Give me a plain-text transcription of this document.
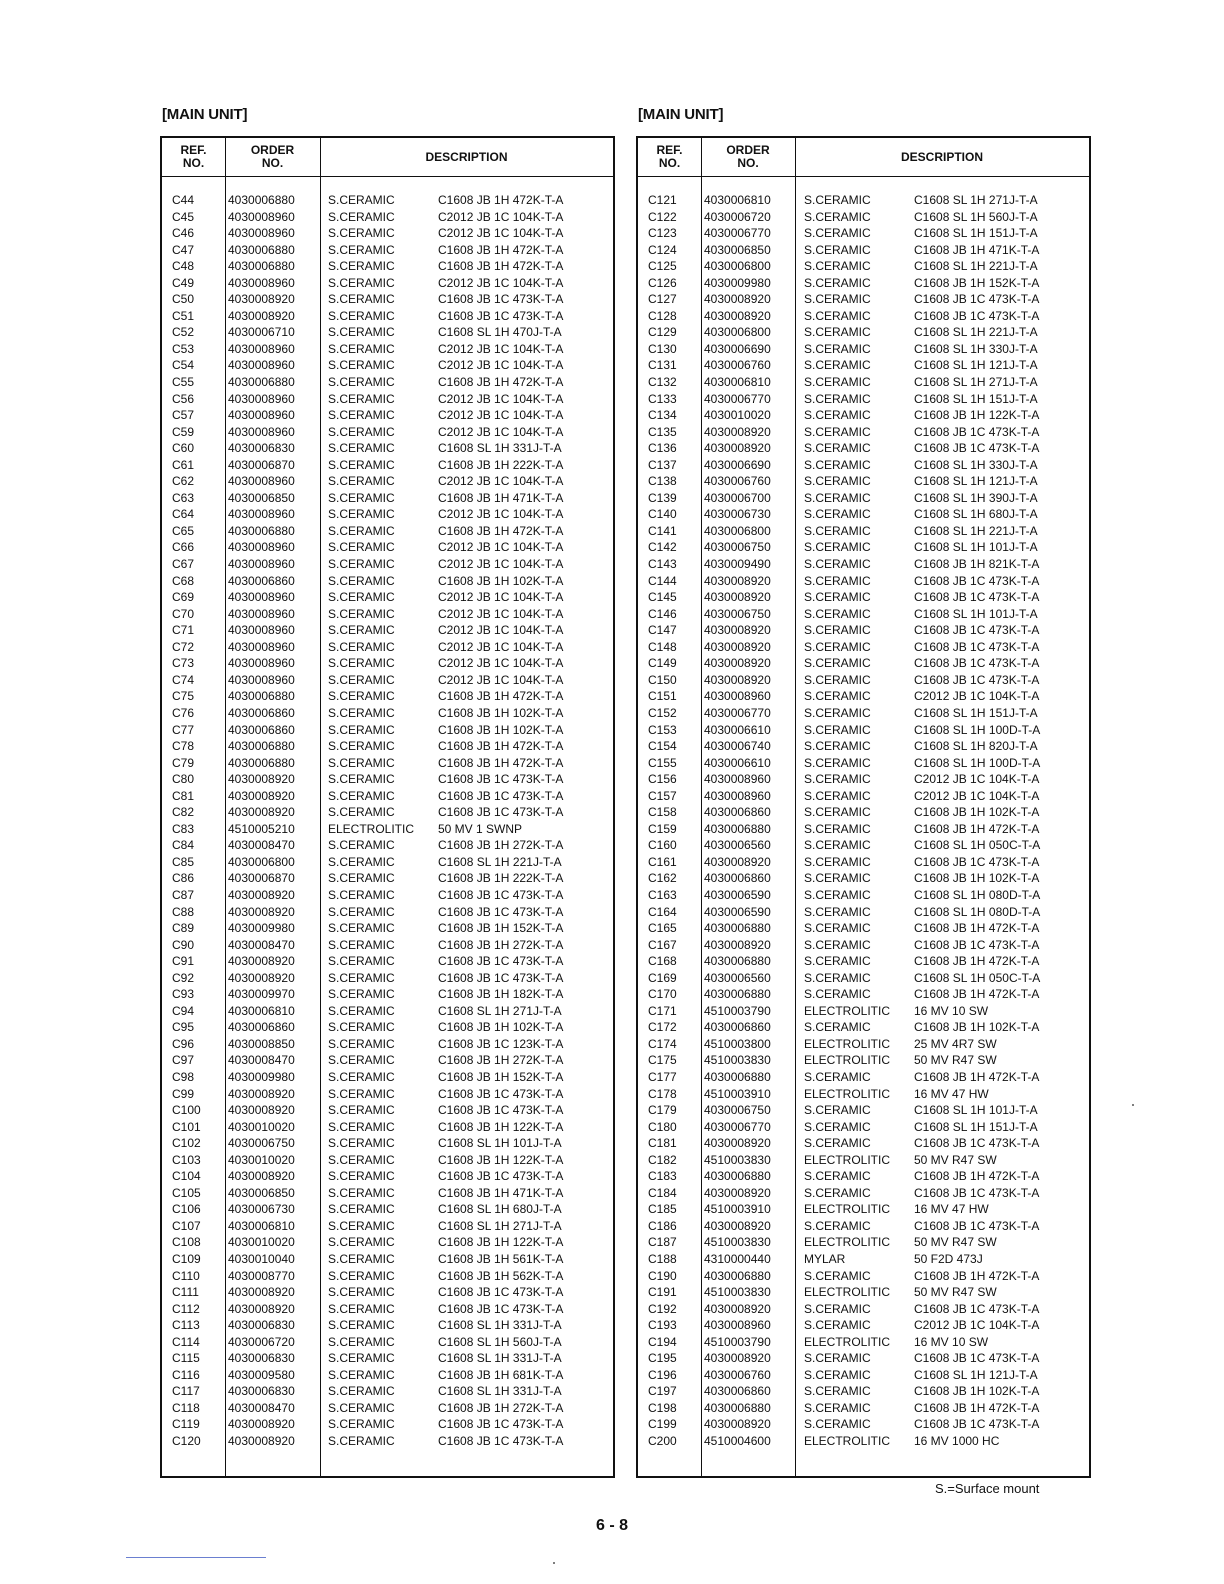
[MAIN UNIT]	[MAIN UNIT]
REF.
NO.
ORDER
NO.	DESCRIPTION
C44	4030006880	S.CERAMIC	C1608 JB 1H 472K-T-A
C45	4030008960	S.CERAMIC	C2012 JB 1C 104K-T-A
C46	4030008960	S.CERAMIC	C2012 JB 1C 104K-T-A
C47	4030006880	S.CERAMIC	C1608 JB 1H 472K-T-A
C48	4030006880	S.CERAMIC	C1608 JB 1H 472K-T-A
C49	4030008960	S.CERAMIC	C2012 JB 1C 104K-T-A
C50	4030008920	S.CERAMIC	C1608 JB 1C 473K-T-A
C51	4030008920	S.CERAMIC	C1608 JB 1C 473K-T-A
C52	4030006710	S.CERAMIC	C1608 SL 1H 470J-T-A
C53	4030008960	S.CERAMIC	C2012 JB 1C 104K-T-A
C54	4030008960	S.CERAMIC	C2012 JB 1C 104K-T-A
C55	4030006880	S.CERAMIC	C1608 JB 1H 472K-T-A
C56	4030008960	S.CERAMIC	C2012 JB 1C 104K-T-A
C57	4030008960	S.CERAMIC	C2012 JB 1C 104K-T-A
C59	4030008960	S.CERAMIC	C2012 JB 1C 104K-T-A
C60	4030006830	S.CERAMIC	C1608 SL 1H 331J-T-A
C61	4030006870	S.CERAMIC	C1608 JB 1H 222K-T-A
C62	4030008960	S.CERAMIC	C2012 JB 1C 104K-T-A
C63	4030006850	S.CERAMIC	C1608 JB 1H 471K-T-A
C64	4030008960	S.CERAMIC	C2012 JB 1C 104K-T-A
C65	4030006880	S.CERAMIC	C1608 JB 1H 472K-T-A
C66	4030008960	S.CERAMIC	C2012 JB 1C 104K-T-A
C67	4030008960	S.CERAMIC	C2012 JB 1C 104K-T-A
C68	4030006860	S.CERAMIC	C1608 JB 1H 102K-T-A
C69	4030008960	S.CERAMIC	C2012 JB 1C 104K-T-A
C70	4030008960	S.CERAMIC	C2012 JB 1C 104K-T-A
C71	4030008960	S.CERAMIC	C2012 JB 1C 104K-T-A
C72	4030008960	S.CERAMIC	C2012 JB 1C 104K-T-A
C73	4030008960	S.CERAMIC	C2012 JB 1C 104K-T-A
C74	4030008960	S.CERAMIC	C2012 JB 1C 104K-T-A
C75	4030006880	S.CERAMIC	C1608 JB 1H 472K-T-A
C76	4030006860	S.CERAMIC	C1608 JB 1H 102K-T-A
C77	4030006860	S.CERAMIC	C1608 JB 1H 102K-T-A
C78	4030006880	S.CERAMIC	C1608 JB 1H 472K-T-A
C79	4030006880	S.CERAMIC	C1608 JB 1H 472K-T-A
C80	4030008920	S.CERAMIC	C1608 JB 1C 473K-T-A
C81	4030008920	S.CERAMIC	C1608 JB 1C 473K-T-A
C82	4030008920	S.CERAMIC	C1608 JB 1C 473K-T-A
C83	4510005210	ELECTROLITIC 50 MV 1 SWNP
C84	4030008470	S.CERAMIC	C1608 JB 1H 272K-T-A
C85	4030006800	S.CERAMIC	C1608 SL 1H 221J-T-A
C86	4030006870	S.CERAMIC	C1608 JB 1H 222K-T-A
C87	4030008920	S.CERAMIC	C1608 JB 1C 473K-T-A
C88	4030008920	S.CERAMIC	C1608 JB 1C 473K-T-A
C89	4030009980	S.CERAMIC	C1608 JB 1H 152K-T-A
C90	4030008470	S.CERAMIC	C1608 JB 1H 272K-T-A
C91	4030008920	S.CERAMIC	C1608 JB 1C 473K-T-A
C92	4030008920	S.CERAMIC	C1608 JB 1C 473K-T-A
C93	4030009970	S.CERAMIC	C1608 JB 1H 182K-T-A
C94	4030006810	S.CERAMIC	C1608 SL 1H 271J-T-A
C95	4030006860	S.CERAMIC	C1608 JB 1H 102K-T-A
C96	4030008850	S.CERAMIC	C1608 JB 1C 123K-T-A
C97	4030008470	S.CERAMIC	C1608 JB 1H 272K-T-A
C98	4030009980	S.CERAMIC	C1608 JB 1H 152K-T-A
C99	4030008920	S.CERAMIC	C1608 JB 1C 473K-T-A
C100 4030008920	S.CERAMIC	C1608 JB 1C 473K-T-A
C101 4030010020	S.CERAMIC	C1608 JB 1H 122K-T-A
C102 4030006750	S.CERAMIC	C1608 SL 1H 101J-T-A
C103 4030010020	S.CERAMIC	C1608 JB 1H 122K-T-A
C104 4030008920	S.CERAMIC	C1608 JB 1C 473K-T-A
C105 4030006850	S.CERAMIC	C1608 JB 1H 471K-T-A
C106 4030006730	S.CERAMIC	C1608 SL 1H 680J-T-A
C107 4030006810	S.CERAMIC	C1608 SL 1H 271J-T-A
C108 4030010020	S.CERAMIC	C1608 JB 1H 122K-T-A
C109 4030010040	S.CERAMIC	C1608 JB 1H 561K-T-A
C110 4030008770	S.CERAMIC	C1608 JB 1H 562K-T-A
C111 4030008920	S.CERAMIC	C1608 JB 1C 473K-T-A
C112 4030008920	S.CERAMIC	C1608 JB 1C 473K-T-A
C113 4030006830	S.CERAMIC	C1608 SL 1H 331J-T-A
C114 4030006720	S.CERAMIC	C1608 SL 1H 560J-T-A
C115 4030006830	S.CERAMIC	C1608 SL 1H 331J-T-A
C116 4030009580	S.CERAMIC	C1608 JB 1H 681K-T-A
C117 4030006830	S.CERAMIC	C1608 SL 1H 331J-T-A
C118 4030008470	S.CERAMIC	C1608 JB 1H 272K-T-A
C119 4030008920	S.CERAMIC	C1608 JB 1C 473K-T-A
C120 4030008920	S.CERAMIC	C1608 JB 1C 473K-T-A
REF.
NO.
ORDER
NO.	DESCRIPTION
C121 4030006810	S.CERAMIC	C1608 SL 1H 271J-T-A
C122 4030006720	S.CERAMIC	C1608 SL 1H 560J-T-A
C123 4030006770	S.CERAMIC	C1608 SL 1H 151J-T-A
C124 4030006850	S.CERAMIC	C1608 JB 1H 471K-T-A
C125 4030006800	S.CERAMIC	C1608 SL 1H 221J-T-A
C126 4030009980	S.CERAMIC	C1608 JB 1H 152K-T-A
C127 4030008920	S.CERAMIC	C1608 JB 1C 473K-T-A
C128 4030008920	S.CERAMIC	C1608 JB 1C 473K-T-A
C129 4030006800	S.CERAMIC	C1608 SL 1H 221J-T-A
C130 4030006690	S.CERAMIC	C1608 SL 1H 330J-T-A
C131 4030006760	S.CERAMIC	C1608 SL 1H 121J-T-A
C132 4030006810	S.CERAMIC	C1608 SL 1H 271J-T-A
C133 4030006770	S.CERAMIC	C1608 SL 1H 151J-T-A
C134 4030010020	S.CERAMIC	C1608 JB 1H 122K-T-A
C135 4030008920	S.CERAMIC	C1608 JB 1C 473K-T-A
C136 4030008920	S.CERAMIC	C1608 JB 1C 473K-T-A
C137 4030006690	S.CERAMIC	C1608 SL 1H 330J-T-A
C138 4030006760	S.CERAMIC	C1608 SL 1H 121J-T-A
C139 4030006700	S.CERAMIC	C1608 SL 1H 390J-T-A
C140 4030006730	S.CERAMIC	C1608 SL 1H 680J-T-A
C141 4030006800	S.CERAMIC	C1608 SL 1H 221J-T-A
C142 4030006750	S.CERAMIC	C1608 SL 1H 101J-T-A
C143 4030009490	S.CERAMIC	C1608 JB 1H 821K-T-A
C144 4030008920	S.CERAMIC	C1608 JB 1C 473K-T-A
C145 4030008920	S.CERAMIC	C1608 JB 1C 473K-T-A
C146 4030006750	S.CERAMIC	C1608 SL 1H 101J-T-A
C147 4030008920	S.CERAMIC	C1608 JB 1C 473K-T-A
C148 4030008920	S.CERAMIC	C1608 JB 1C 473K-T-A
C149 4030008920	S.CERAMIC	C1608 JB 1C 473K-T-A
C150 4030008920	S.CERAMIC	C1608 JB 1C 473K-T-A
C151 4030008960	S.CERAMIC	C2012 JB 1C 104K-T-A
C152 4030006770	S.CERAMIC	C1608 SL 1H 151J-T-A
C153 4030006610	S.CERAMIC	C1608 SL 1H 100D-T-A
C154 4030006740	S.CERAMIC	C1608 SL 1H 820J-T-A
C155 4030006610	S.CERAMIC	C1608 SL 1H 100D-T-A
C156 4030008960	S.CERAMIC	C2012 JB 1C 104K-T-A
C157 4030008960	S.CERAMIC	C2012 JB 1C 104K-T-A
C158 4030006860	S.CERAMIC	C1608 JB 1H 102K-T-A
C159 4030006880	S.CERAMIC	C1608 JB 1H 472K-T-A
C160 4030006560	S.CERAMIC	C1608 SL 1H 050C-T-A
C161 4030008920	S.CERAMIC	C1608 JB 1C 473K-T-A
C162 4030006860	S.CERAMIC	C1608 JB 1H 102K-T-A
C163 4030006590	S.CERAMIC	C1608 SL 1H 080D-T-A
C164 4030006590	S.CERAMIC	C1608 SL 1H 080D-T-A
C165 4030006880	S.CERAMIC	C1608 JB 1H 472K-T-A
C167 4030008920	S.CERAMIC	C1608 JB 1C 473K-T-A
C168 4030006880	S.CERAMIC	C1608 JB 1H 472K-T-A
C169 4030006560	S.CERAMIC	C1608 SL 1H 050C-T-A
C170 4030006880	S.CERAMIC	C1608 JB 1H 472K-T-A
C171 4510003790	ELECTROLITIC 16 MV 10 SW
C172 4030006860	S.CERAMIC	C1608 JB 1H 102K-T-A
C174 4510003800	ELECTROLITIC 25 MV 4R7 SW
C175 4510003830	ELECTROLITIC 50 MV R47 SW
C177 4030006880	S.CERAMIC	C1608 JB 1H 472K-T-A
C178 4510003910	ELECTROLITIC 16 MV 47 HW
C179 4030006750	S.CERAMIC	C1608 SL 1H 101J-T-A
C180 4030006770	S.CERAMIC	C1608 SL 1H 151J-T-A
C181 4030008920	S.CERAMIC	C1608 JB 1C 473K-T-A
C182 4510003830	ELECTROLITIC 50 MV R47 SW
C183 4030006880	S.CERAMIC	C1608 JB 1H 472K-T-A
C184 4030008920	S.CERAMIC	C1608 JB 1C 473K-T-A
C185 4510003910	ELECTROLITIC 16 MV 47 HW
C186 4030008920	S.CERAMIC	C1608 JB 1C 473K-T-A
C187 4510003830	ELECTROLITIC 50 MV R47 SW
C188 4310000440	MYLAR	50 F2D 473J
C190 4030006880	S.CERAMIC	C1608 JB 1H 472K-T-A
C191 4510003830	ELECTROLITIC 50 MV R47 SW
C192 4030008920	S.CERAMIC	C1608 JB 1C 473K-T-A
C193 4030008960	S.CERAMIC	C2012 JB 1C 104K-T-A
C194 4510003790	ELECTROLITIC 16 MV 10 SW
C195 4030008920	S.CERAMIC	C1608 JB 1C 473K-T-A
C196 4030006760	S.CERAMIC	C1608 SL 1H 121J-T-A
C197 4030006860	S.CERAMIC	C1608 JB 1H 102K-T-A
C198 4030006880	S.CERAMIC	C1608 JB 1H 472K-T-A
C199 4030008920	S.CERAMIC	C1608 JB 1C 473K-T-A
C200 4510004600	ELECTROLITIC 16 MV 1000 HC
S.=Surface mount
6 - 8
